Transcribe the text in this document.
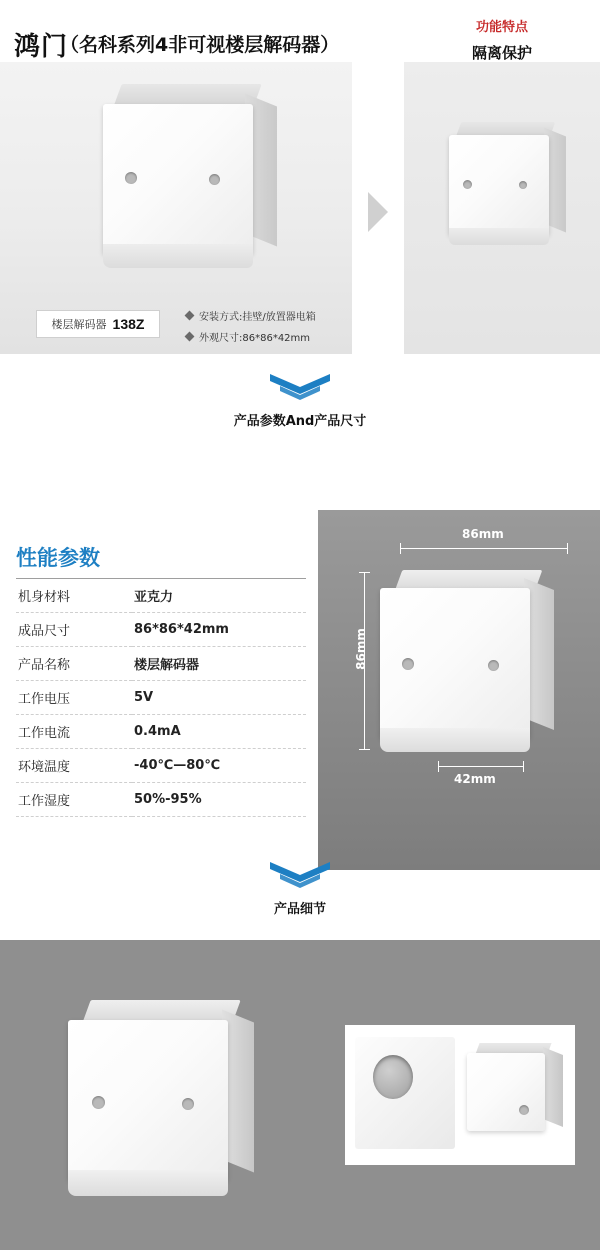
鸿门
（名科系列4非可视楼层解码器）
功能特点
隔离保护
楼层解码器 138Z	安装方式:挂壁/放置器电箱
外观尺寸:86*86*42mm
产品参数And产品尺寸
性能参数
机身材料	亚克力
成品尺寸	86*86*42mm
产品名称	楼层解码器
工作电压	5V
工作电流	0.4mA
环境温度	-40℃—80℃
工作湿度	50%-95%
86mm
86mm
42mm
产品细节
